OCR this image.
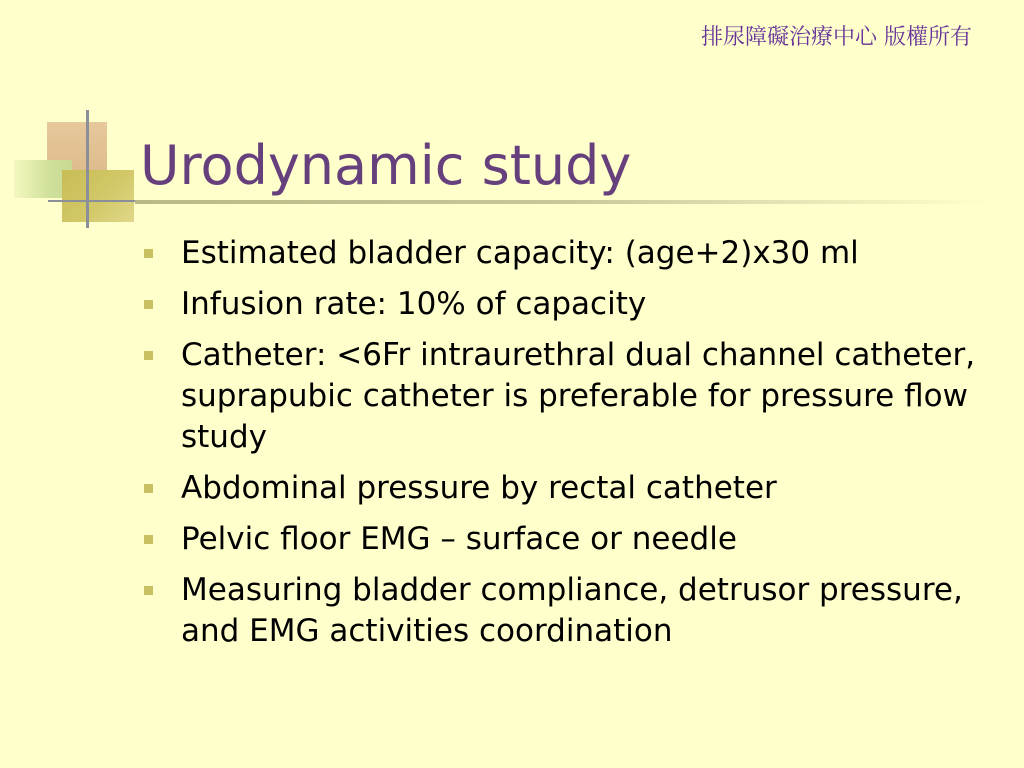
排尿障礙治療中心 版權所有
Urodynamic study
Estimated bladder capacity: (age+2)x30 ml
Infusion rate: 10% of capacity
Catheter: <6Fr intraurethral dual channel catheter, suprapubic catheter is preferable for pressure flow study
Abdominal pressure by rectal catheter
Pelvic floor EMG – surface or needle
Measuring bladder compliance, detrusor pressure, and EMG activities coordination
